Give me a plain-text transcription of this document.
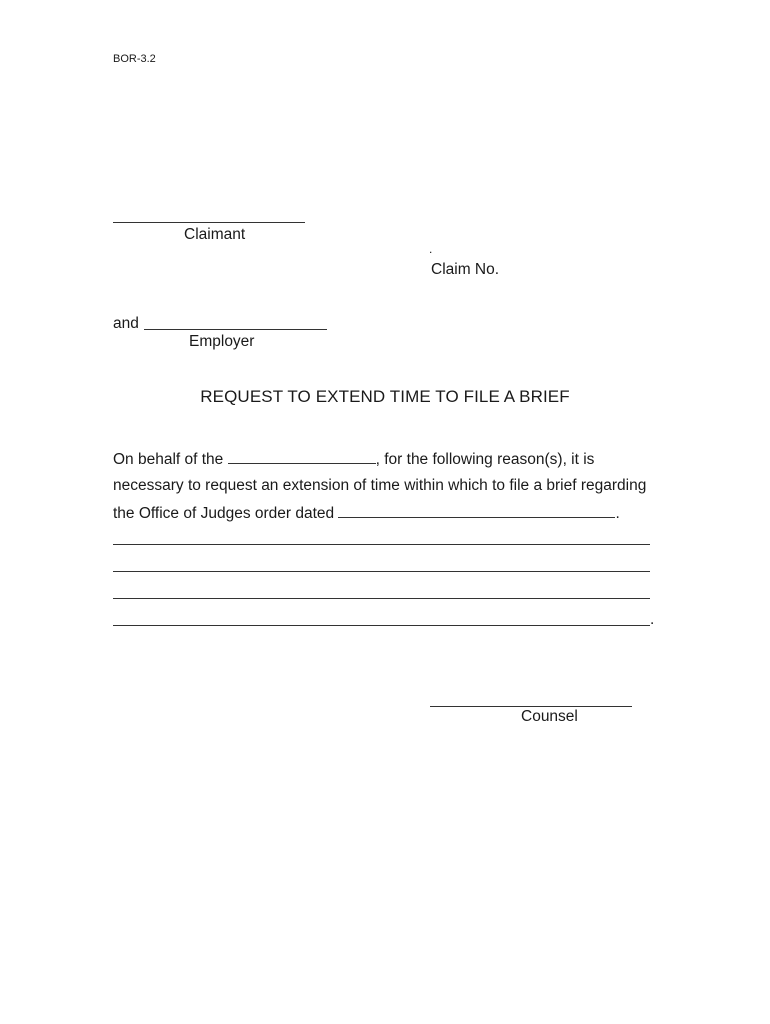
BOR-3.2
Claimant
.
Claim No.
and
Employer
REQUEST TO EXTEND TIME TO FILE A BRIEF
On behalf of the	, for the following reason(s), it is
necessary to request an extension of time within which to file a brief regarding
the Office of Judges order dated	.
.
Counsel
